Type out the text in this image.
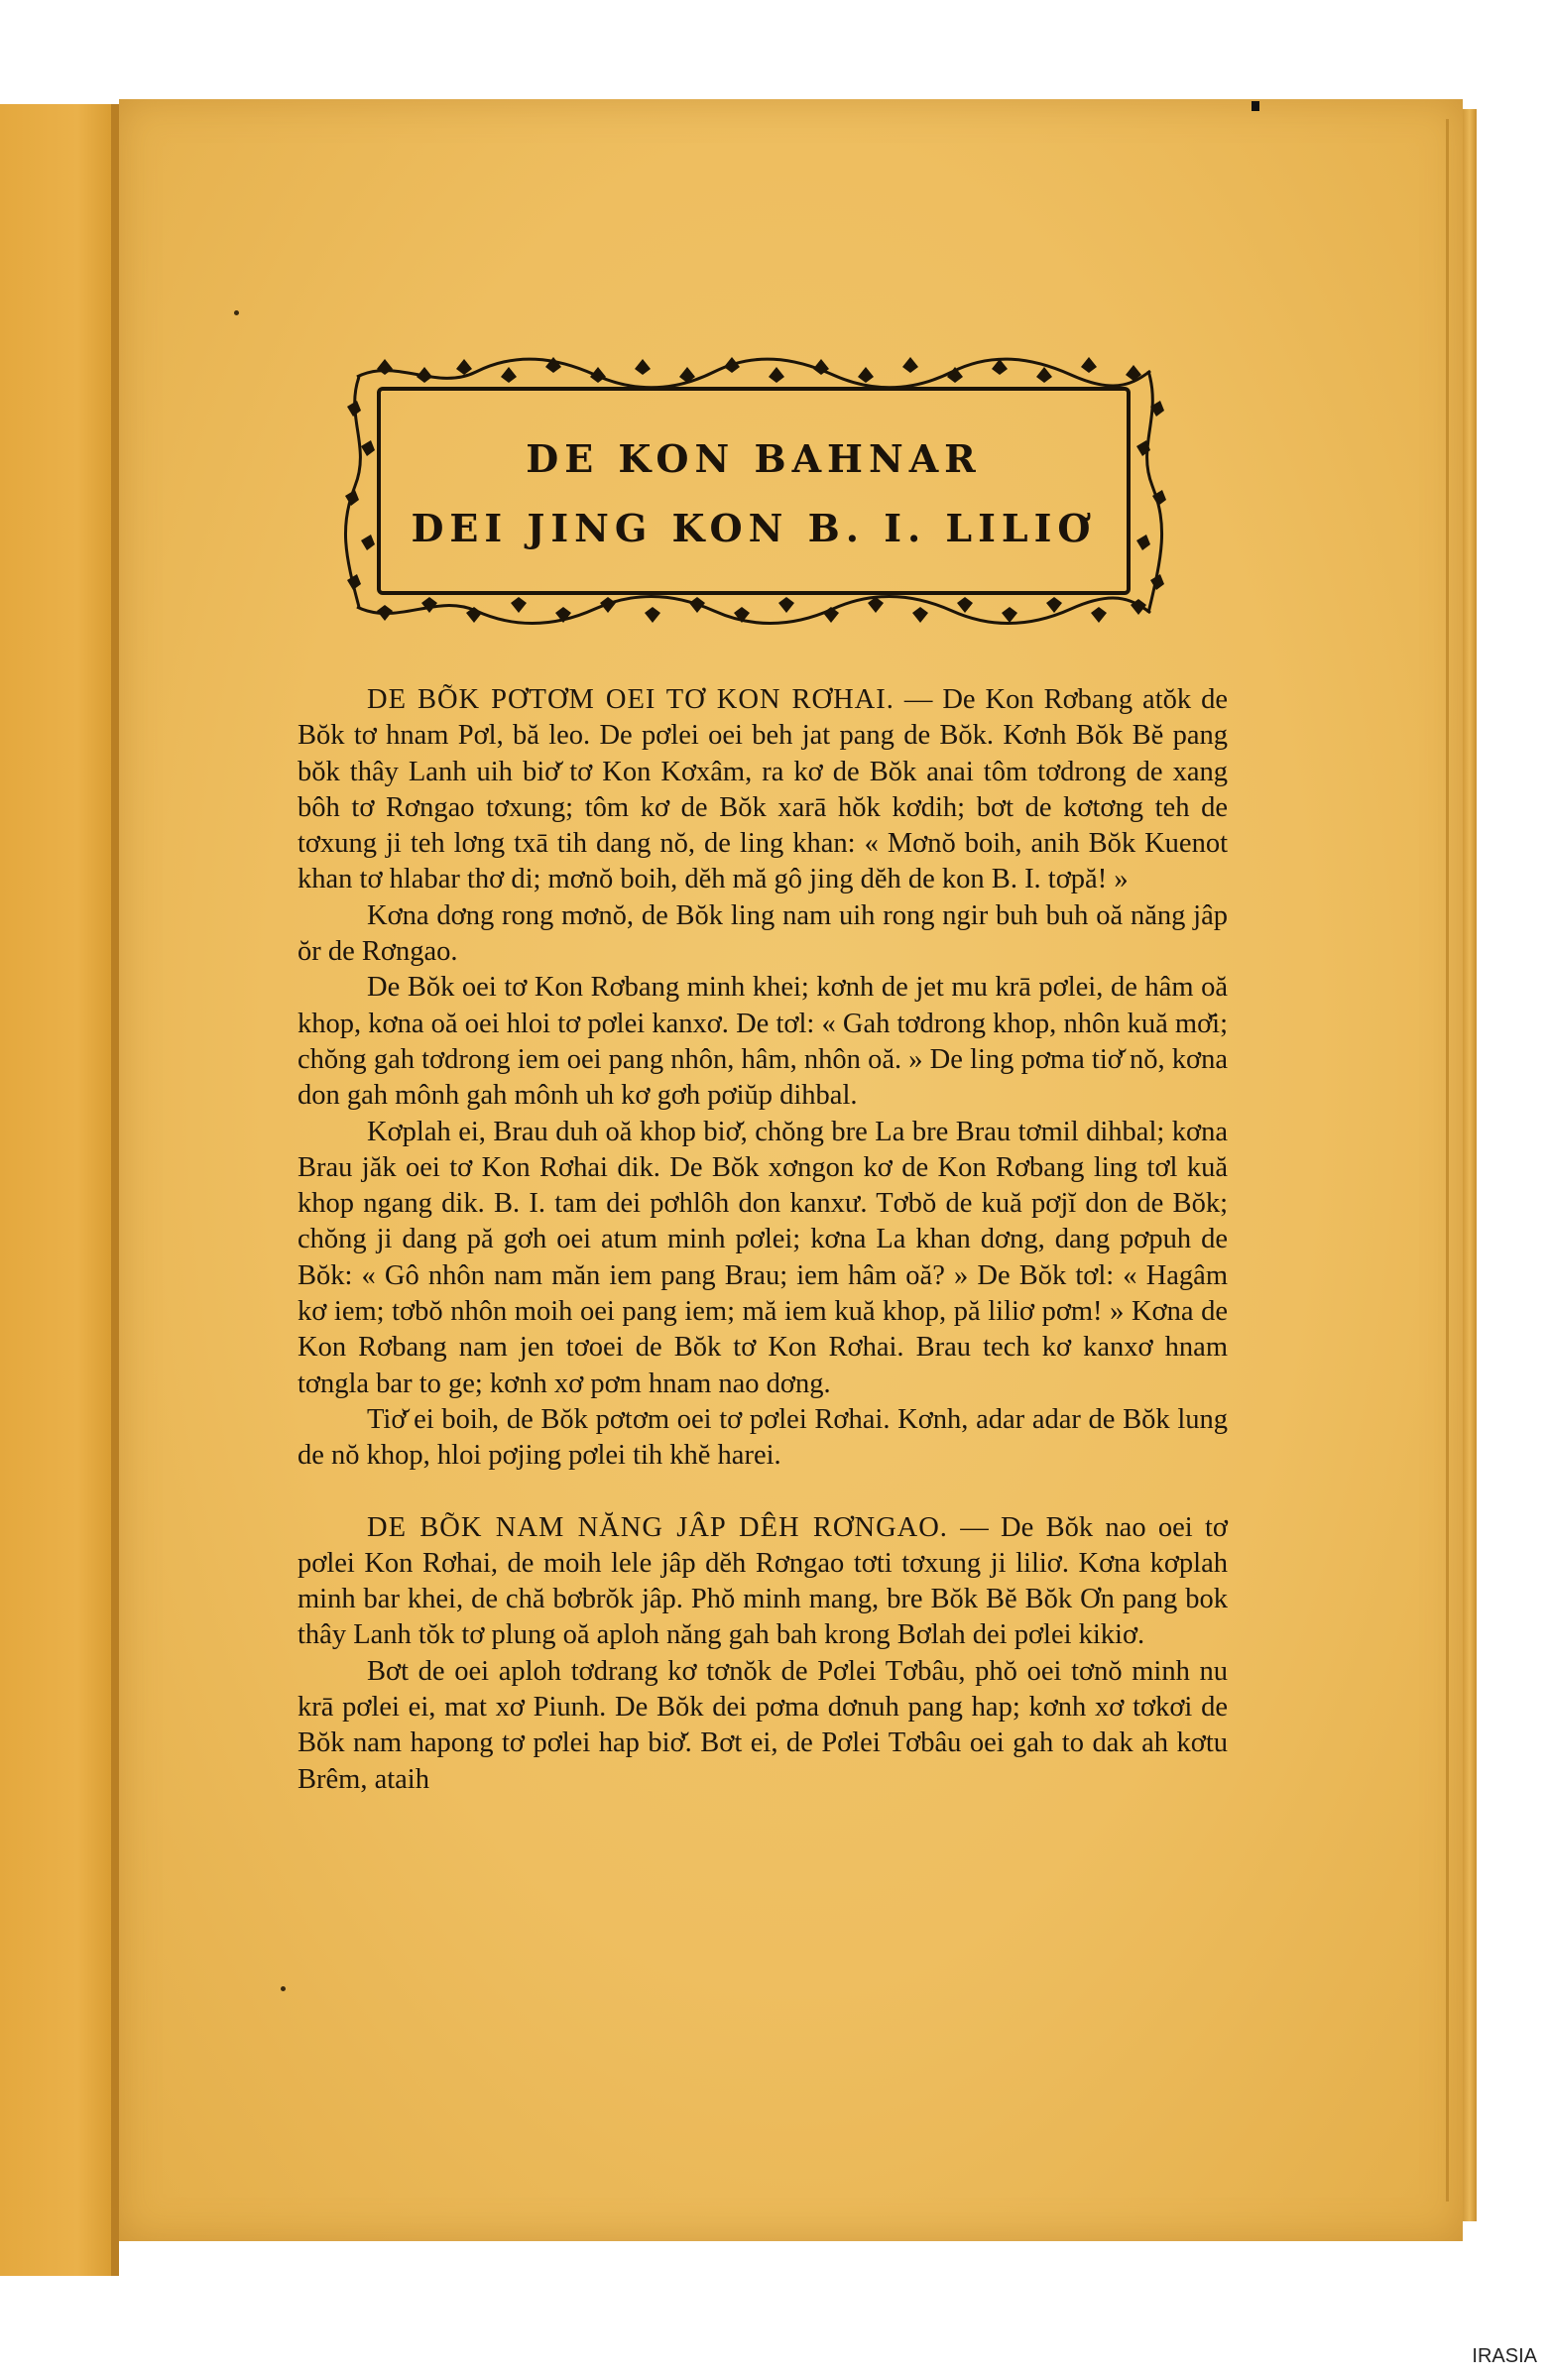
DE KON BAHNAR
DEI JING KON B. I. LILIƠ

DE BÕK PƠTƠM OEI TƠ KON RƠHAI. — De Kon Rơbang atŏk de Bŏk tơ hnam Pơl, bă leo. De pơlei oei beh jat pang de Bŏk. Kơnh Bŏk Bĕ pang bŏk thây Lanh uih biơ̆ tơ Kon Kơxâm, ra kơ de Bŏk anai tôm tơdrong de xang bôh tơ Rơngao tơxung; tôm kơ de Bŏk xarā hŏk kơdih; bơt de kơtơng teh de tơxung ji teh lơng txā tih dang nŏ, de ling khan: « Mơnŏ boih, anih Bŏk Kuenot khan tơ hlabar thơ di; mơnŏ boih, dĕh mă gô jing dĕh de kon B. I. tơpă! »

Kơna dơng rong mơnŏ, de Bŏk ling nam uih rong ngir buh buh oă năng jâp ŏr de Rơngao.

De Bŏk oei tơ Kon Rơbang minh khei; kơnh de jet mu krā pơlei, de hâm oă khop, kơna oă oei hloi tơ pơlei kanxơ. De tơl: « Gah tơdrong khop, nhôn kuă mơ̆i; chŏng gah tơdrong iem oei pang nhôn, hâm, nhôn oă. » De ling pơma tiơ̆ nŏ, kơna don gah mônh gah mônh uh kơ gơh pơiŭp dihbal.

Kơplah ei, Brau duh oă khop biơ̆, chŏng bre La bre Brau tơmil dihbal; kơna Brau jăk oei tơ Kon Rơhai dik. De Bŏk xơngon kơ de Kon Rơbang ling tơl kuă khop ngang dik. B. I. tam dei pơhlôh don kanxư. Tơbŏ de kuă pơjĭ don de Bŏk; chŏng ji dang pă gơh oei atum minh pơlei; kơna La khan dơng, dang pơpuh de Bŏk: « Gô nhôn nam măn iem pang Brau; iem hâm oă? » De Bŏk tơl: « Hagâm kơ iem; tơbŏ nhôn moih oei pang iem; mă iem kuă khop, pă liliơ pơm! » Kơna de Kon Rơbang nam jen tơoei de Bŏk tơ Kon Rơhai. Brau tech kơ kanxơ hnam tơngla bar to ge; kơnh xơ pơm hnam nao dơng.

Tiơ̆ ei boih, de Bŏk pơtơm oei tơ pơlei Rơhai. Kơnh, adar adar de Bŏk lung de nŏ khop, hloi pơjing pơlei tih khĕ harei.

DE BÕK NAM NĂNG JÂP DÊH RƠNGAO. — De Bŏk nao oei tơ pơlei Kon Rơhai, de moih lele jâp dĕh Rơngao tơti tơxung ji liliơ. Kơna kơplah minh bar khei, de chă bơbrŏk jâp. Phŏ minh mang, bre Bŏk Bĕ Bŏk Ơn pang bok thây Lanh tŏk tơ plung oă aploh năng gah bah krong Bơlah dei pơlei kikiơ.

Bơt de oei aploh tơdrang kơ tơnŏk de Pơlei Tơbâu, phŏ oei tơnŏ minh nu krā pơlei ei, mat xơ Piunh. De Bŏk dei pơma dơnuh pang hap; kơnh xơ tơkơi de Bŏk nam hapong tơ pơlei hap biơ̆. Bơt ei, de Pơlei Tơbâu oei gah to dak ah kơtu Brêm, ataih

IRASIA
